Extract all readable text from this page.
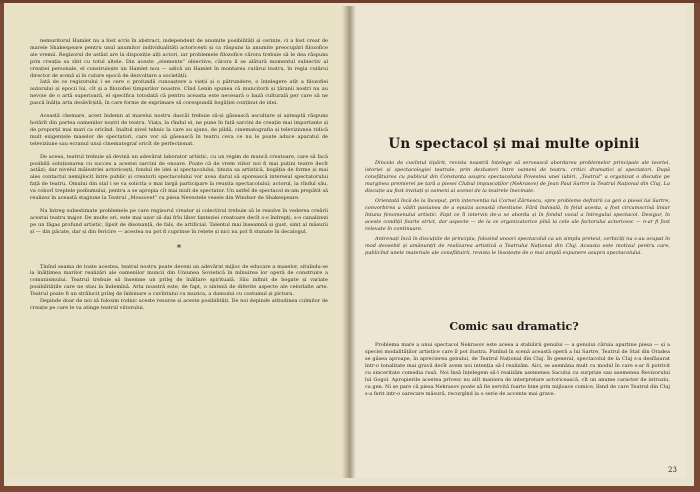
nemuritorul Hamlet nu a fost scris în abstract, independent de anumite posibilități și cerințe, ci a fost creat de marele Shakespeare pentru unul anumitor individualități actoricești și ca răspuns la anumite preocupări filozofice ale vremii. Regizorul de astăzi are la dispoziție alți actori, iar problemele filozofice cărora trebuie să le dea răspuns prin creația sa sînt cu totul altele. Din aceste „elemente” obiective, cărora li se alătură momentul subiectiv al creației personale, el construiește un Hamlet nou — adică un Hamlet în montarea cutărui teatru, în regia cutărui director de scenă și în cutare epocă de dezvoltare a societății.

Iată de ce regizorului i se cere o profundă cunoaștere a vieții și o pătrundere, o înțelegere atît a filozofiei autorului și epocii lui, cît și a filozofiei timpurilor noastre. Cînd Lenin spunea că muncitorii și țăranii nostri nu au nevoie de o artă superioară, el specifica totodată că pentru aceasta este necesară o bază culturală per care să ne pască înălța arta desăvîrșită, în care forme de exprimare să corespundă bogăției conținut de idei.

Această chemare, acest îndemn al marelui nostru dascăl trebuie să-și găsească ascultare și așteaptă răspuns hotărît din partea oamenilor noștri de teatru. Viața, la rîndul ei, ne pune în față sarcini de creație mai importante și de proporții mai mari ca oricînd. Inaltul nivel tehnic la care au ajuns, de pildă, cinematografia și televiziunea ridică mult exigențele maselor de spectatori, care vor să găsească în teatru ceva ce nu le poate aduce aparatul de televiziune sau ecranul unui cinematograf oricît de perfecționat.

De aceea, teatrul trebuie să devină un adevărat laborator artistic, cu un regim de muncă creatoare, care să facă posibilă soluționarea cu succes a acestei sarcini de onoare. Poate că de vrem viitor noi fi mai puțini teatre decît astăzi; dar nivelul măiestriei actoricești, fondul de idei al spectacolului, ținuta sa artistică, bogăția de forme și mai ales contactul nemijlocit între public și creatorii spectacolului vor avea darul să sporească interesul spectatorului față de teatru. Omului din stal i se va solicita o mai largă participare la reușita spectacolului; actorul, la rîndul său, va coborî treptele podiumului, pentru a se apropia cît mai mult de spectator. Un astfel de spectacol m-am prepătit să realizez în această stagiune la Teatrul „Mossovet” cu piesa Nevestele vesele din Windsor de Shakespeare.

Nu întreg subestimate problemele pe care regizorul creator și colectivul trebuie să le rezolve în vederea creării acestui teatru major. De multe ori, este mai ușor să dai frîu liber fanteziei creatoare decît s-o îndrepți, s-o canalizezi pe un făgaș profund artistic, lipsit de disonanță, de fals, de artificial. Talentul mai înseamnă și gust, simț al măsurii și — din păcate, dar și din fericire — acestea nu pot fi cuprinse în rețete și nici nu pot fi stunate în decalogul.

*

Ținînd seama de toate acestea, teatrul nostru poate deveni un adevărat mijloc de educare a maselor, situîndu-se la înălțimea marilor realizări ale oamenilor muncii din Uniunea Sovietică în mînuirea lor operă de construire a comunismului. Teatrul trebuie să însemne un prilej de înălțare spirituală. Său infinit de bogate și variate posibilitățile care ne stau la îndemînă. Arta noastră este, de fapt, o sinteză de diferite aspecte ale celorlalte arte. Teatrul poate fi un strălucit prilej de îmbinare a cuvîntului cu muzica, a dansului cu costumul și pictura.

Depinde doar de noi să folosim rodnic aceste resurse și aceste posibilități. De noi depinde atitudinea culmilor de creație pe care le va atinge teatrul viitorului.

Un spectacol și mai multe opinii

Dincolo de cuvîntul tipărit, revista noastră înțelege să servească abordarea problemelor principale ale teoriei, istoriei și spectacologiei teatrale, prin dezbateri între oameni de teatru, critici dramatici și spectatori. După consfătuirea cu publicul din Constanța asupra spectacolului Povestea unei iubiri, „Teatrul” a organizat o discuție pe marginea premierei pe țară a piesei Clubul impușcaților (Nekrasov) de Jean Paul Sartre la Teatrul Național din Cluj. La discuție au fost invitați și oameni ai scenei de la teatrele înecinate.

Orientată încă de la început, prin intervenția lui Cornel Zărnescu, spre probleme definirii ca gen a pieseí lui Sartre, convorbirea a vădit pasiunea de a epuiza această chestiune. Fără îndoială, în felul acesta, a fost circumscrisă liniar întuna fenomenului artistic. Fapt ce îl intervin de-a se aborda și în fondul vocal a întregului spectacol. Desigur, în aceste condiții foarte strict, dar aspecte — de la ce organizatorice pînă la cele ale factorului actoricesc — n-ar fi fost relevate în continuare.

Antrenați încă în discuțiile de principiu, folosind unoori spectacolul ca un simplu pretext, cerbiciți nu s-au ocupat în mod deosebit și amănunțit de realizarea artistică a Teatrului Național din Cluj. Aceasta este motivul pentru care, publicînd unele materiale ale consfătuirii, revista le însoțește de o mai amplă expunere asupra spectacolului.

Comic sau dramatic?

Problema mare a unui spectacol Nekrasov este aceea a stabilirii genului — a genului căruia aparține piesa — și a speciei modalităților artistice care îl pot ilustra. Punînd în scenă această operă a lui Sartre, Teatrul de Stat din Oradea se găsea aproape, în aprecierea genului, de Teatrul Național din Cluj. În general, spectacolul de la Cluj s-a desfășurat într-o tonalitate mai gravă decît avem noi intenția să-l realizăm. Aici, se asemăna mult cu modul în care s-ar fi potrivit cu sinceritate comedia rusă. Noi însă înțelegem să-l realizăm asemenea Sacului cu surprize sau asemenea Revizorului lui Gogol. Apropierile acestea privesc nu atît maniera de interpretare actoricească, cît un anume caracter de intruziu, ca gen. Ni se pare că piesa Nekrasov poate să fie servită foarte bine prin mijloace comice, lîsnd de care Teatrul din Cluj s-a ferit intr-o oarecare măsură, recurgînd la o serie de accente mai grave.

23
